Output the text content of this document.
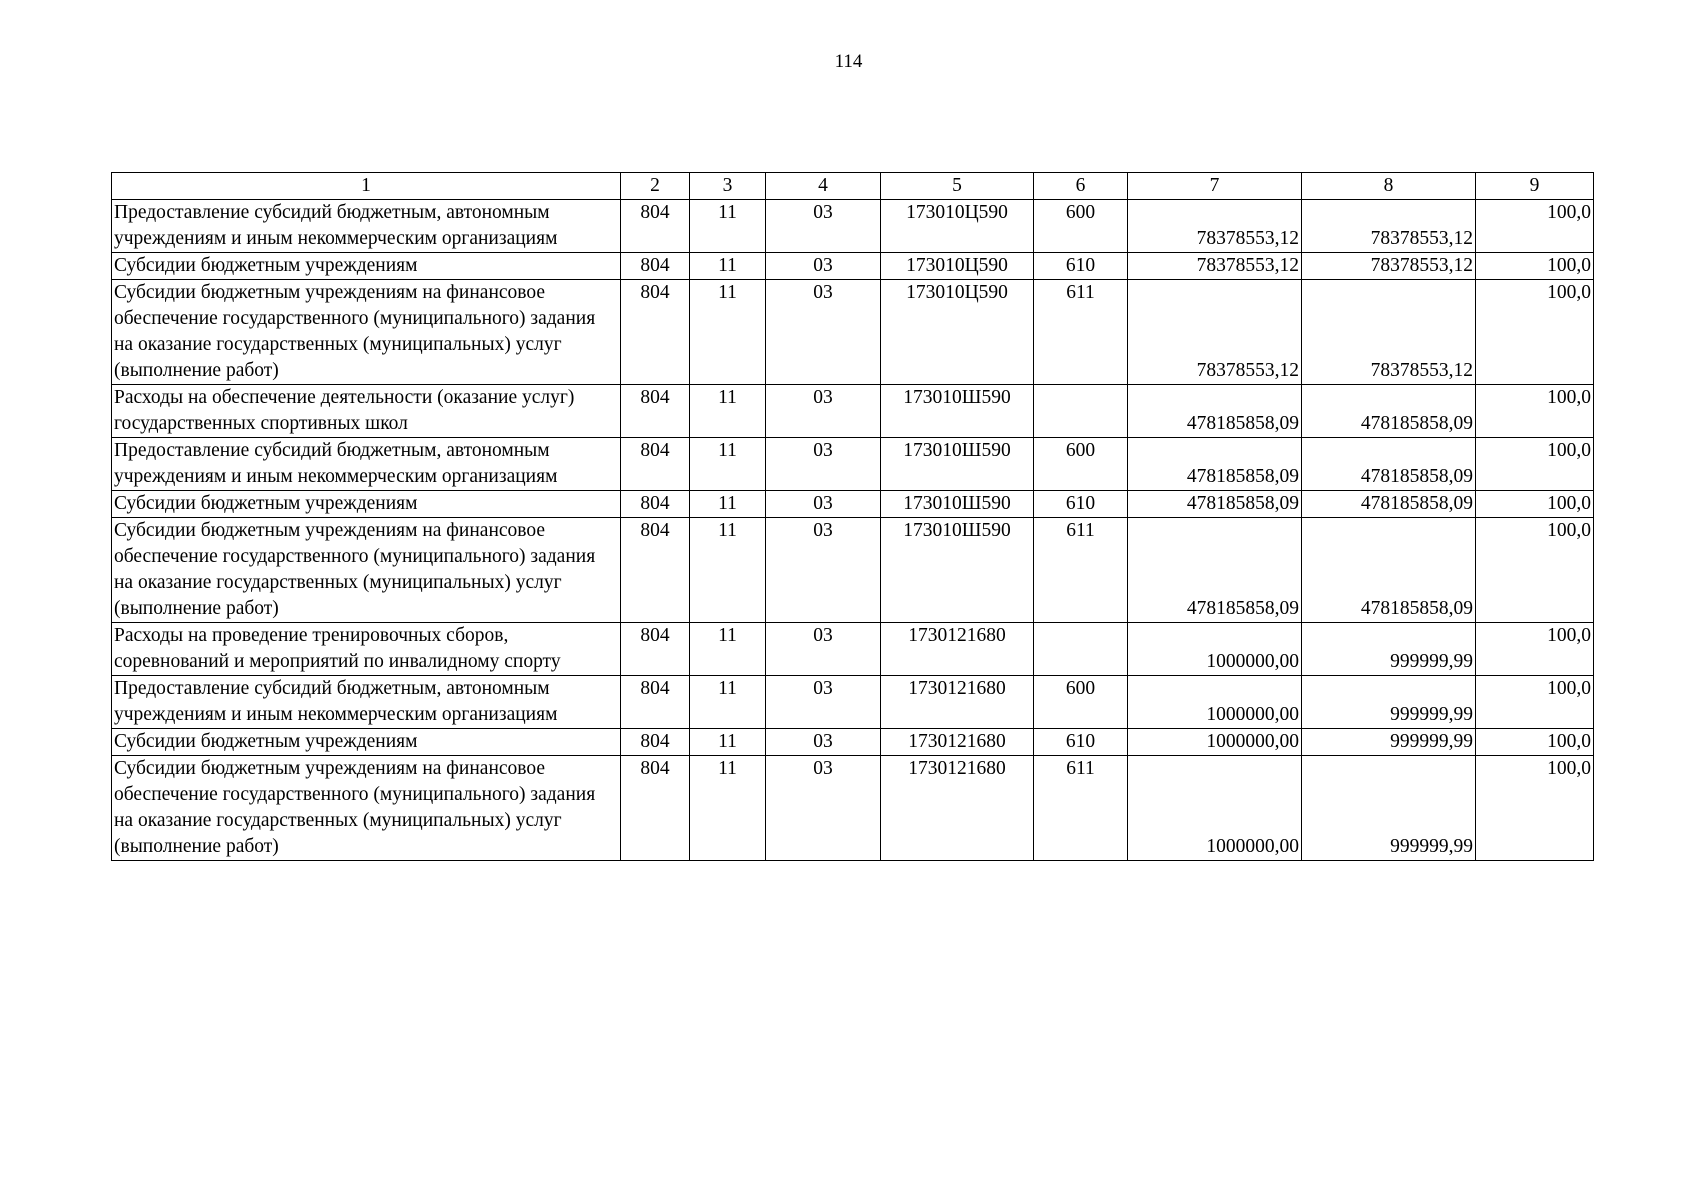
114
1	2	3	4	5	6	7	8	9
Предоставление субсидий бюджетным, автономным учреждениям и иным некоммерческим организациям	804	11	03	173010Ц590	600	78378553,12	78378553,12	100,0
Субсидии бюджетным учреждениям	804	11	03	173010Ц590	610	78378553,12	78378553,12	100,0
Субсидии бюджетным учреждениям на финансовое обеспечение государственного (муниципального) задания на оказание государственных (муниципальных) услуг (выполнение работ)	804	11	03	173010Ц590	611	78378553,12	78378553,12	100,0
Расходы на обеспечение деятельности (оказание услуг) государственных спортивных школ	804	11	03	173010Ш590		478185858,09	478185858,09	100,0
Предоставление субсидий бюджетным, автономным учреждениям и иным некоммерческим организациям	804	11	03	173010Ш590	600	478185858,09	478185858,09	100,0
Субсидии бюджетным учреждениям	804	11	03	173010Ш590	610	478185858,09	478185858,09	100,0
Субсидии бюджетным учреждениям на финансовое обеспечение государственного (муниципального) задания на оказание государственных (муниципальных) услуг (выполнение работ)	804	11	03	173010Ш590	611	478185858,09	478185858,09	100,0
Расходы на проведение тренировочных сборов, соревнований и мероприятий по инвалидному спорту	804	11	03	1730121680		1000000,00	999999,99	100,0
Предоставление субсидий бюджетным, автономным учреждениям и иным некоммерческим организациям	804	11	03	1730121680	600	1000000,00	999999,99	100,0
Субсидии бюджетным учреждениям	804	11	03	1730121680	610	1000000,00	999999,99	100,0
Субсидии бюджетным учреждениям на финансовое обеспечение государственного (муниципального) задания на оказание государственных (муниципальных) услуг (выполнение работ)	804	11	03	1730121680	611	1000000,00	999999,99	100,0
